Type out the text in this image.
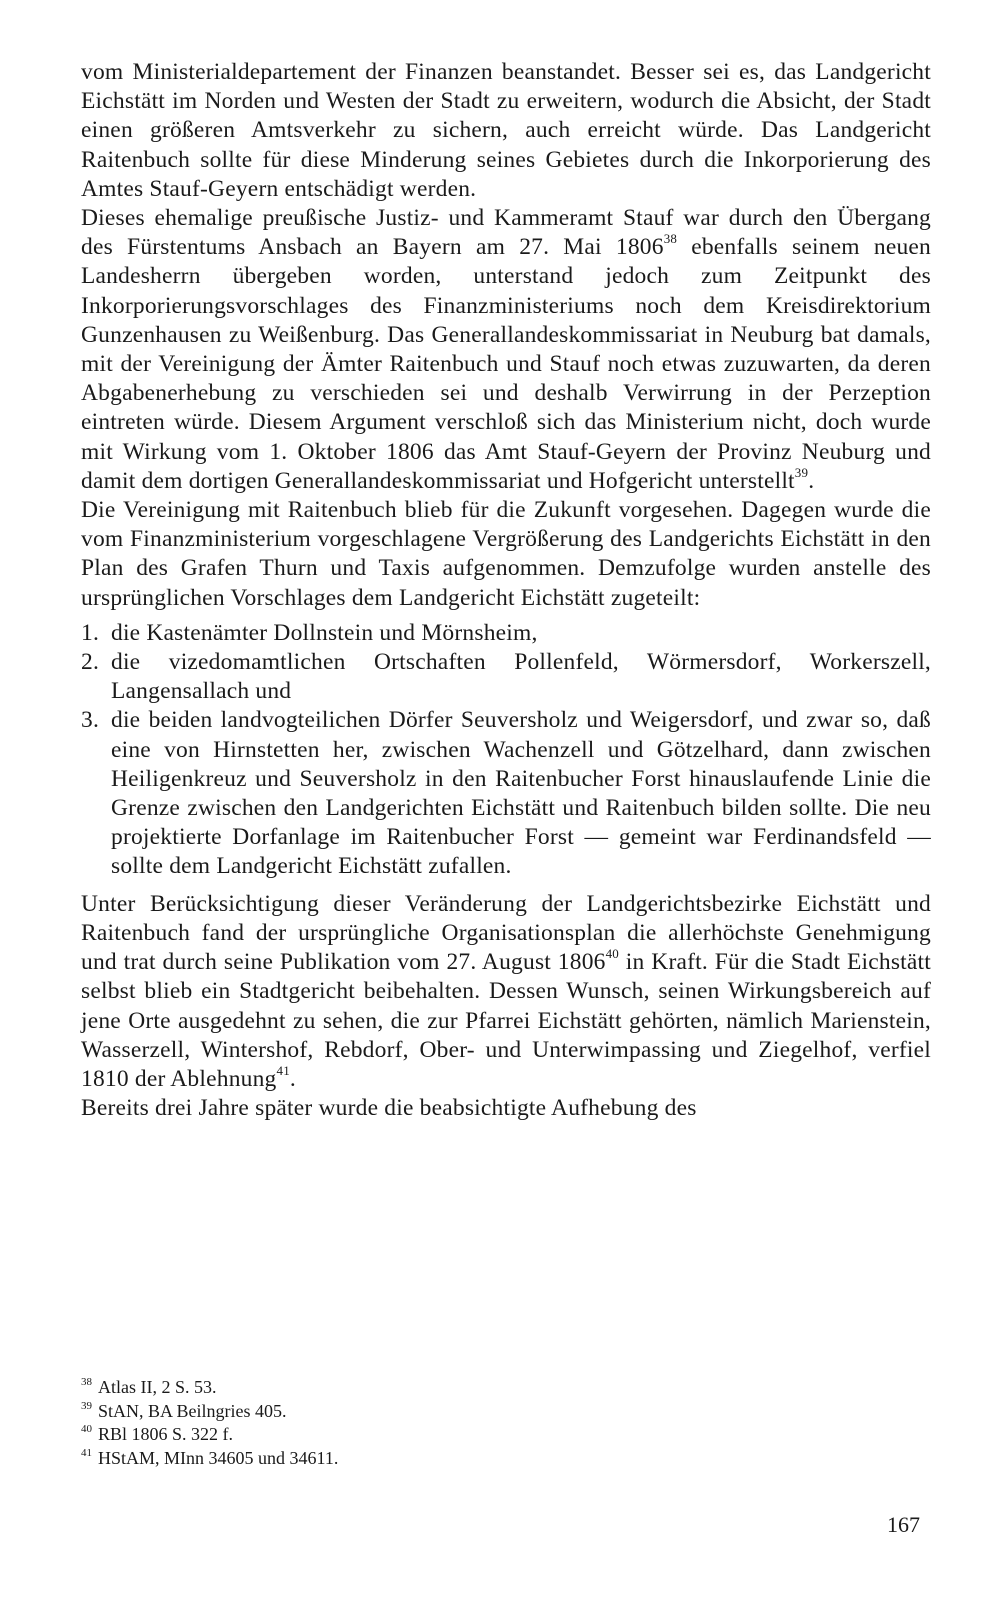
vom Ministerialdepartement der Finanzen beanstandet. Besser sei es, das Landgericht Eichstätt im Norden und Westen der Stadt zu erweitern, wodurch die Absicht, der Stadt einen größeren Amtsverkehr zu sichern, auch erreicht würde. Das Landgericht Raitenbuch sollte für diese Minderung seines Gebietes durch die Inkorporierung des Amtes Stauf-Geyern entschädigt werden.

Dieses ehemalige preußische Justiz- und Kammeramt Stauf war durch den Übergang des Fürstentums Ansbach an Bayern am 27. Mai 1806$^{38}$ ebenfalls seinem neuen Landesherrn übergeben worden, unterstand jedoch zum Zeitpunkt des Inkorporierungsvorschlages des Finanzministeriums noch dem Kreisdirektorium Gunzenhausen zu Weißenburg. Das Generallandeskommissariat in Neuburg bat damals, mit der Vereinigung der Ämter Raitenbuch und Stauf noch etwas zuzuwarten, da deren Abgabenerhebung zu verschieden sei und deshalb Verwirrung in der Perzeption eintreten würde. Diesem Argument verschloß sich das Ministerium nicht, doch wurde mit Wirkung vom 1. Oktober 1806 das Amt Stauf-Geyern der Provinz Neuburg und damit dem dortigen Generallandeskommissariat und Hofgericht unterstellt$^{39}$.

Die Vereinigung mit Raitenbuch blieb für die Zukunft vorgesehen. Dagegen wurde die vom Finanzministerium vorgeschlagene Vergrößerung des Landgerichts Eichstätt in den Plan des Grafen Thurn und Taxis aufgenommen. Demzufolge wurden anstelle des ursprünglichen Vorschlages dem Landgericht Eichstätt zugeteilt:

1. die Kastenämter Dollnstein und Mörnsheim,
2. die vizedomamtlichen Ortschaften Pollenfeld, Wörmersdorf, Workerszell, Langensallach und
3. die beiden landvogteilichen Dörfer Seuversholz und Weigersdorf, und zwar so, daß eine von Hirnstetten her, zwischen Wachenzell und Götzelhard, dann zwischen Heiligenkreuz und Seuversholz in den Raitenbucher Forst hinauslaufende Linie die Grenze zwischen den Landgerichten Eichstätt und Raitenbuch bilden sollte. Die neu projektierte Dorfanlage im Raitenbucher Forst — gemeint war Ferdinandsfeld — sollte dem Landgericht Eichstätt zufallen.

Unter Berücksichtigung dieser Veränderung der Landgerichtsbezirke Eichstätt und Raitenbuch fand der ursprüngliche Organisationsplan die allerhöchste Genehmigung und trat durch seine Publikation vom 27. August 1806$^{40}$ in Kraft. Für die Stadt Eichstätt selbst blieb ein Stadtgericht beibehalten. Dessen Wunsch, seinen Wirkungsbereich auf jene Orte ausgedehnt zu sehen, die zur Pfarrei Eichstätt gehörten, nämlich Marienstein, Wasserzell, Wintershof, Rebdorf, Ober- und Unterwimpassing und Ziegelhof, verfiel 1810 der Ablehnung$^{41}$.

Bereits drei Jahre später wurde die beabsichtigte Aufhebung des

$^{38}$ Atlas II, 2 S. 53.
$^{39}$ StAN, BA Beilngries 405.
$^{40}$ RBl 1806 S. 322 f.
$^{41}$ HStAM, MInn 34605 und 34611.
167
